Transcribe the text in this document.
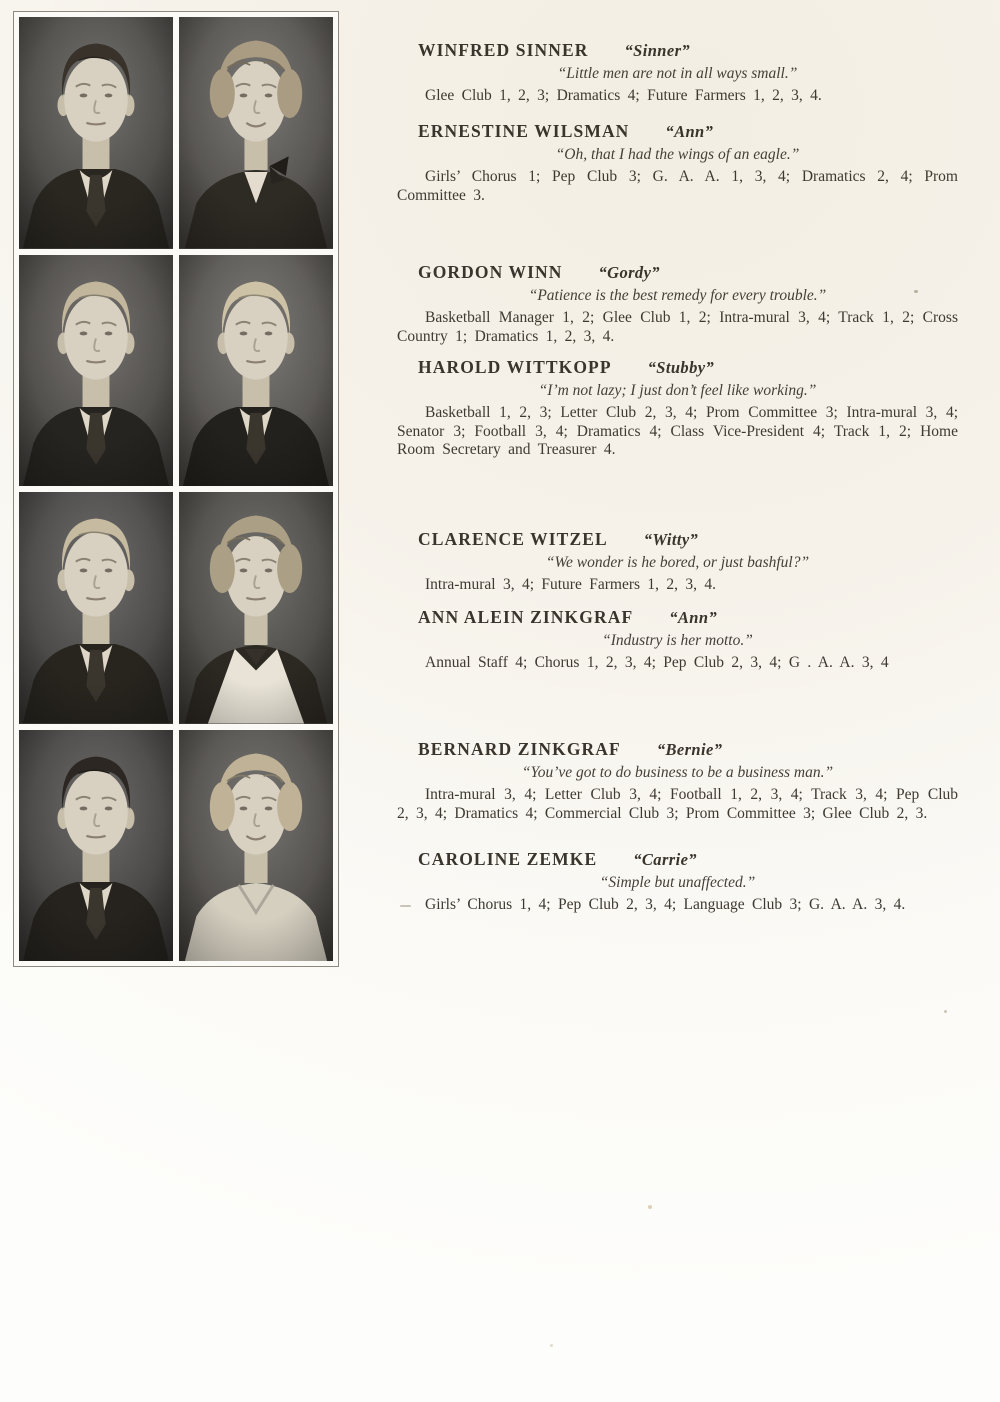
WINFRED SINNER “Sinner”
“Little men are not in all ways small.”

Glee Club 1, 2, 3; Dramatics 4; Future Farmers 1, 2, 3, 4.

ERNESTINE WILSMAN “Ann”
“Oh, that I had the wings of an eagle.”

Girls’ Chorus 1; Pep Club 3; G. A. A. 1, 3, 4; Dramatics 2, 4; Prom Committee 3.

GORDON WINN “Gordy”
“Patience is the best remedy for every trouble.”

Basketball Manager 1, 2; Glee Club 1, 2; Intra-mural 3, 4; Track 1, 2; Cross Country 1; Dramatics 1, 2, 3, 4.

HAROLD WITTKOPP “Stubby”
“I’m not lazy; I just don’t feel like working.”

Basketball 1, 2, 3; Letter Club 2, 3, 4; Prom Committee 3; Intra-mural 3, 4; Senator 3; Football 3, 4; Dramatics 4; Class Vice-President 4; Track 1, 2; Home Room Secretary and Treasurer 4.

CLARENCE WITZEL “Witty”
“We wonder is he bored, or just bashful?”

Intra-mural 3, 4; Future Farmers 1, 2, 3, 4.

ANN ALEIN ZINKGRAF “Ann”
“Industry is her motto.”

Annual Staff 4; Chorus 1, 2, 3, 4; Pep Club 2, 3, 4; G . A. A. 3, 4

BERNARD ZINKGRAF “Bernie”
“You’ve got to do business to be a business man.”

Intra-mural 3, 4; Letter Club 3, 4; Football 1, 2, 3, 4; Track 3, 4; Pep Club 2, 3, 4; Dramatics 4; Commercial Club 3; Prom Committee 3; Glee Club 2, 3.

CAROLINE ZEMKE “Carrie”
“Simple but unaffected.”

Girls’ Chorus 1, 4; Pep Club 2, 3, 4; Language Club 3; G. A. A. 3, 4.
